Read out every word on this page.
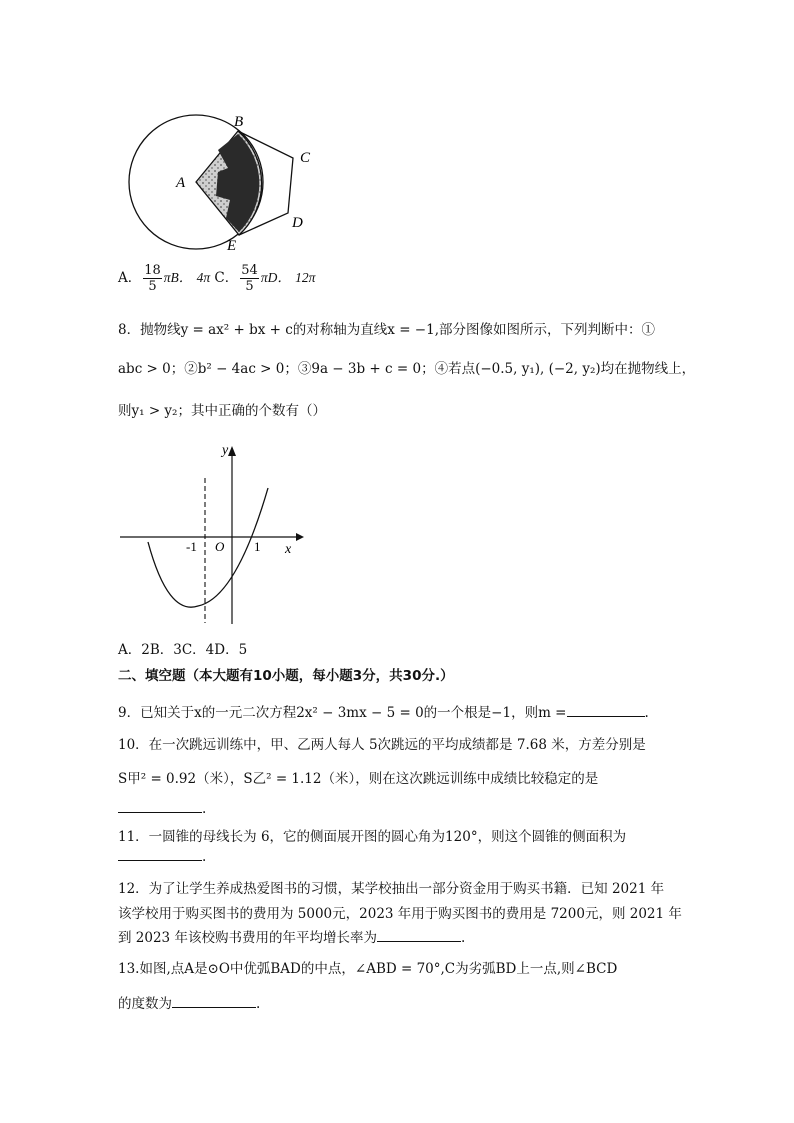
A
B
C
D
E
A． $\frac{18}{5}$ πB． 4π C． $\frac{54}{5}$ πD． 12π
8．抛物线y = ax² + bx + c的对称轴为直线x = −1,部分图像如图所示，下列判断中：①
abc > 0；②b² − 4ac > 0；③9a − 3b + c = 0；④若点(−0.5, y₁), (−2, y₂)均在抛物线上，
则y₁ > y₂；其中正确的个数有（）
y
x
-1 O 1
A．2B．3C．4D．5
二、填空题（本大题有10小题，每小题3分，共30分.）
9．已知关于x的一元二次方程2x² − 3mx − 5 = 0的一个根是−1，则m =	.
10．在一次跳远训练中，甲、乙两人每人 5次跳远的平均成绩都是 7.68 米，方差分别是
S甲² = 0.92（米），S乙² = 1.12（米），则在这次跳远训练中成绩比较稳定的是
.
11．一圆锥的母线长为 6，它的侧面展开图的圆心角为120°，则这个圆锥的侧面积为
.
12．为了让学生养成热爱图书的习惯，某学校抽出一部分资金用于购买书籍．已知 2021 年
该学校用于购买图书的费用为 5000元，2023 年用于购买图书的费用是 7200元，则 2021 年
到 2023 年该校购书费用的年平均增长率为	.
13.如图,点A是⊙O中优弧BAD的中点，∠ABD = 70°,C为劣弧BD上一点,则∠BCD
的度数为	.
